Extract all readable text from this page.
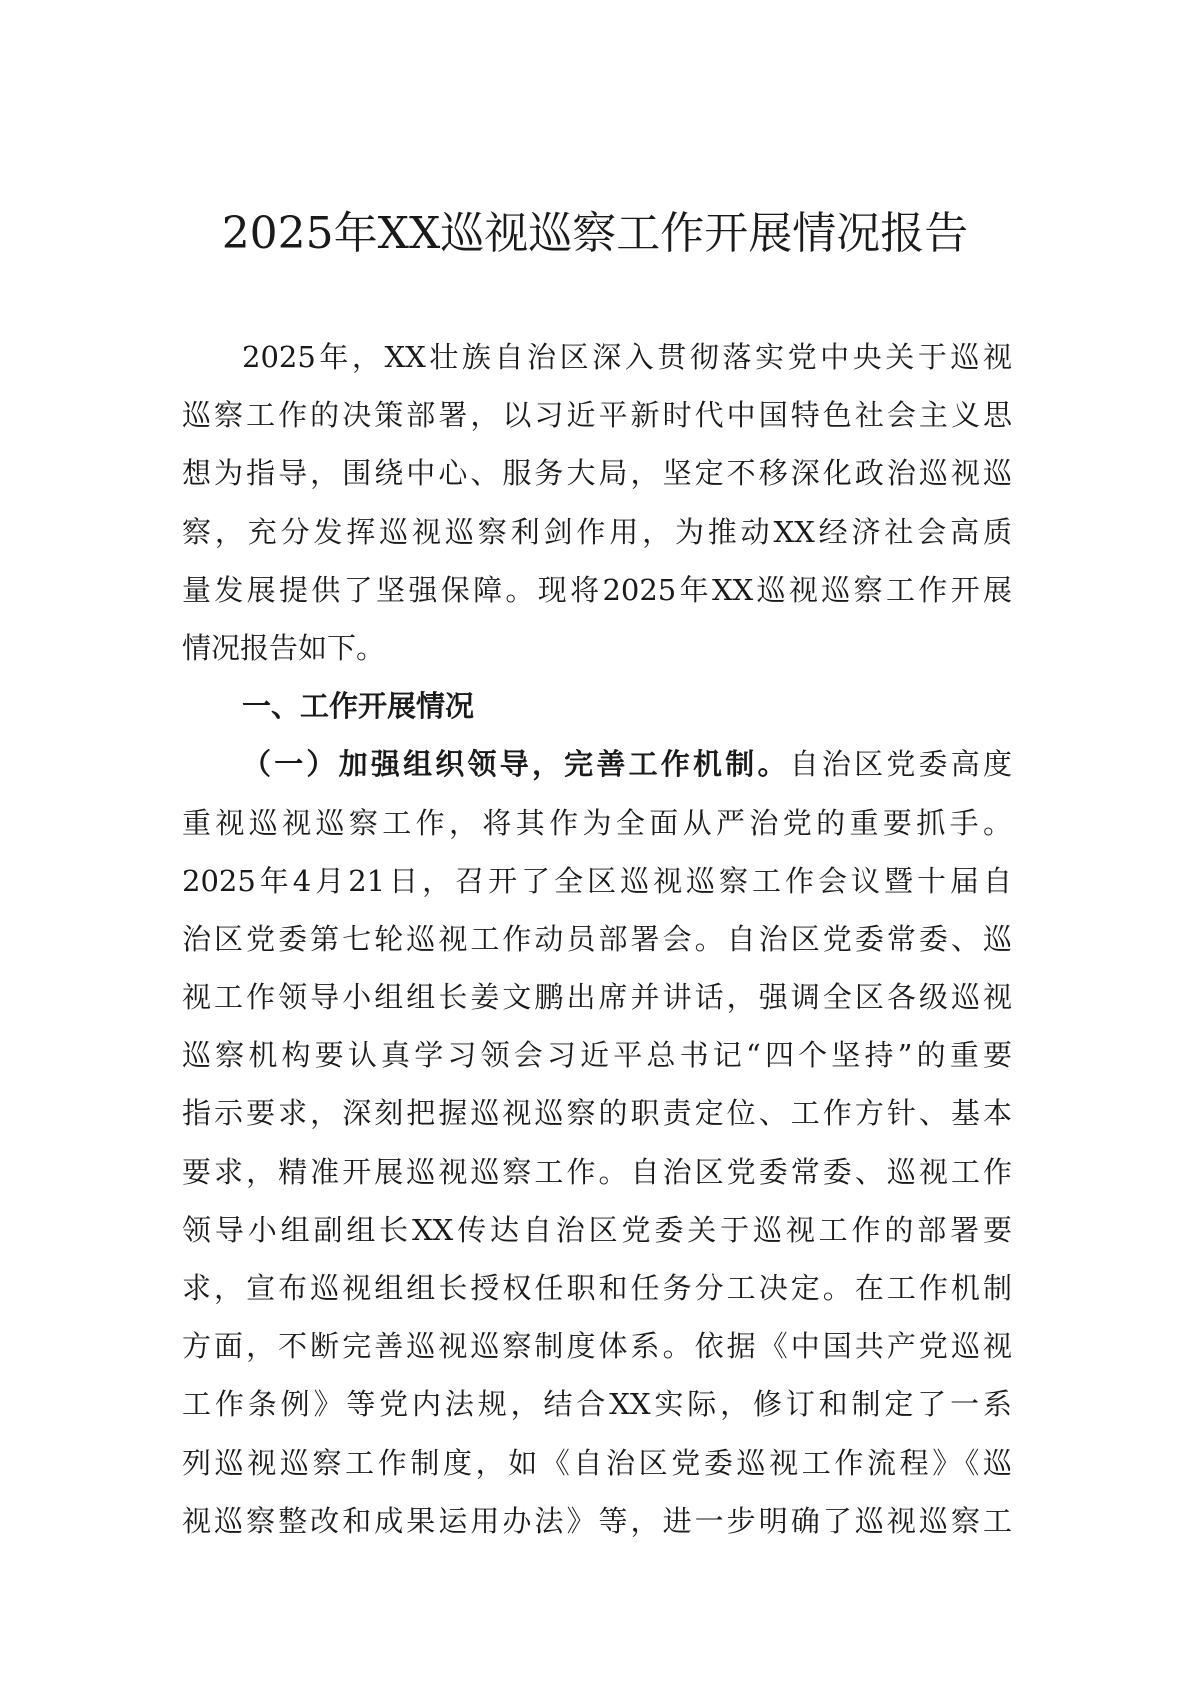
2025年XX巡视巡察工作开展情况报告
2025年，XX壮族自治区深入贯彻落实党中央关于巡视
巡察工作的决策部署，以习近平新时代中国特色社会主义思
想为指导，围绕中心、服务大局，坚定不移深化政治巡视巡
察，充分发挥巡视巡察利剑作用，为推动XX经济社会高质
量发展提供了坚强保障。现将2025年XX巡视巡察工作开展
情况报告如下。
一、工作开展情况
（一）加强组织领导，完善工作机制。自治区党委高度
重视巡视巡察工作，将其作为全面从严治党的重要抓手。
2025年4月21日，召开了全区巡视巡察工作会议暨十届自
治区党委第七轮巡视工作动员部署会。自治区党委常委、巡
视工作领导小组组长姜文鹏出席并讲话，强调全区各级巡视
巡察机构要认真学习领会习近平总书记“四个坚持”的重要
指示要求，深刻把握巡视巡察的职责定位、工作方针、基本
要求，精准开展巡视巡察工作。自治区党委常委、巡视工作
领导小组副组长XX传达自治区党委关于巡视工作的部署要
求，宣布巡视组组长授权任职和任务分工决定。在工作机制
方面，不断完善巡视巡察制度体系。依据《中国共产党巡视
工作条例》等党内法规，结合XX实际，修订和制定了一系
列巡视巡察工作制度，如《自治区党委巡视工作流程》《巡
视巡察整改和成果运用办法》等，进一步明确了巡视巡察工
